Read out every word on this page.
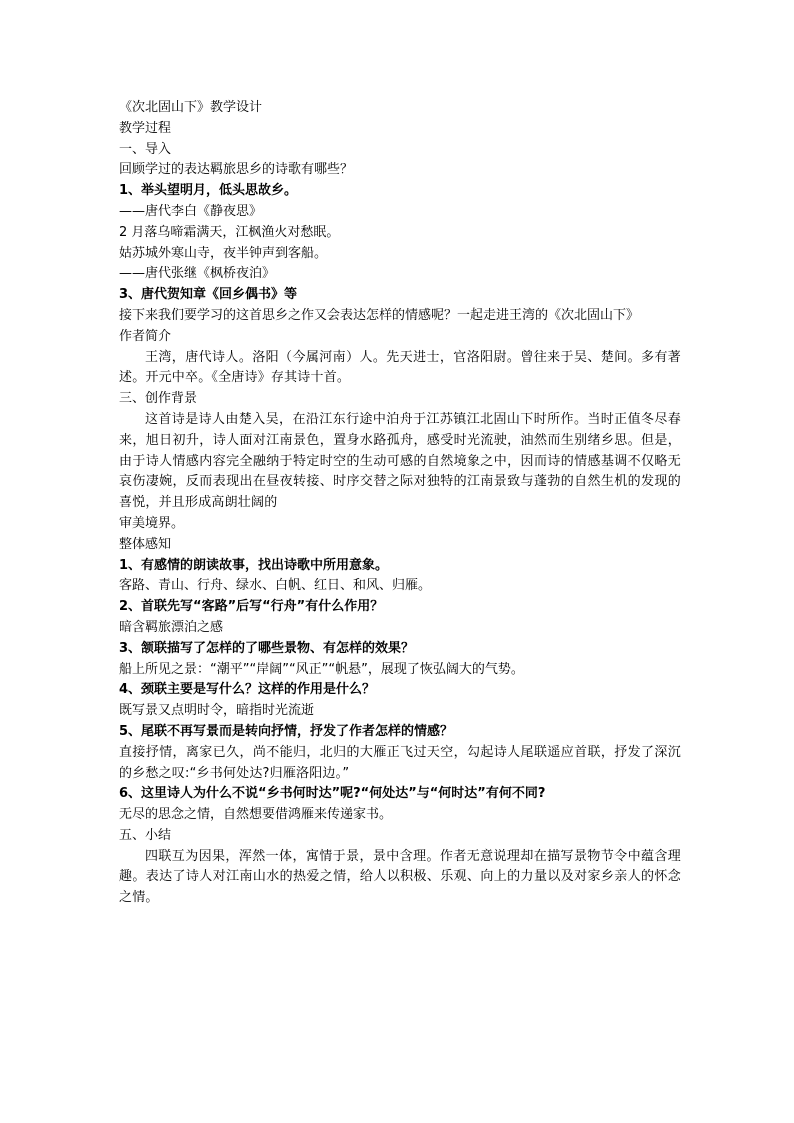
《次北固山下》教学设计

教学过程

一、导入

回顾学过的表达羁旅思乡的诗歌有哪些？

1、举头望明月，低头思故乡。

——唐代李白《静夜思》

2 月落乌啼霜满天，江枫渔火对愁眠。

姑苏城外寒山寺，夜半钟声到客船。

——唐代张继《枫桥夜泊》

3、唐代贺知章《回乡偶书》等

接下来我们要学习的这首思乡之作又会表达怎样的情感呢？一起走进王湾的《次北固山下》

作者简介

王湾，唐代诗人。洛阳（今属河南）人。先天进士，官洛阳尉。曾往来于吴、楚间。多有著述。开元中卒。《全唐诗》存其诗十首。

三、创作背景

这首诗是诗人由楚入吴，在沿江东行途中泊舟于江苏镇江北固山下时所作。当时正值冬尽春来，旭日初升，诗人面对江南景色，置身水路孤舟，感受时光流驶，油然而生别绪乡思。但是，由于诗人情感内容完全融纳于特定时空的生动可感的自然境象之中，因而诗的情感基调不仅略无哀伤凄婉，反而表现出在昼夜转接、时序交替之际对独特的江南景致与蓬勃的自然生机的发现的喜悦，并且形成高朗壮阔的

审美境界。

整体感知

1、有感情的朗读故事，找出诗歌中所用意象。

客路、青山、行舟、绿水、白帆、红日、和风、归雁。

2、首联先写“客路”后写“行舟”有什么作用？

暗含羁旅漂泊之感

3、颔联描写了怎样的了哪些景物、有怎样的效果？

船上所见之景：“潮平”“岸阔”“风正”“帆悬”，展现了恢弘阔大的气势。

4、颈联主要是写什么？这样的作用是什么？

既写景又点明时令，暗指时光流逝

5、尾联不再写景而是转向抒情，抒发了作者怎样的情感？

直接抒情，离家已久，尚不能归，北归的大雁正飞过天空，勾起诗人尾联遥应首联，抒发了深沉的乡愁之叹:“乡书何处达?归雁洛阳边。”

6、这里诗人为什么不说“乡书何时达”呢?“何处达”与“何时达”有何不同?

无尽的思念之情，自然想要借鸿雁来传递家书。

五、小结

四联互为因果，浑然一体，寓情于景，景中含理。作者无意说理却在描写景物节令中蕴含理趣。表达了诗人对江南山水的热爱之情，给人以积极、乐观、向上的力量以及对家乡亲人的怀念之情。
